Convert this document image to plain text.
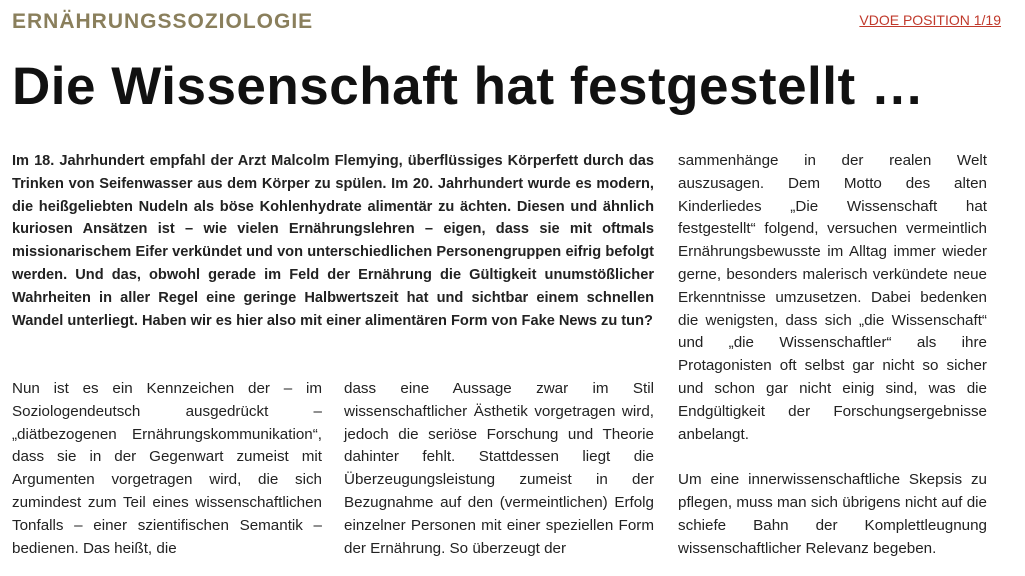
ERNÄHRUNGSSOZIOLOGIE	VDOE POSITION 1/19
Die Wissenschaft hat festgestellt …

Im 18. Jahrhundert empfahl der Arzt Malcolm Flemying, überflüssiges Körperfett durch das Trinken von Seifenwasser aus dem Körper zu spülen. Im 20. Jahrhundert wurde es modern, die heißgeliebten Nudeln als böse Kohlenhydrate alimentär zu ächten. Diesen und ähnlich kuriosen Ansätzen ist – wie vielen Ernährungslehren – eigen, dass sie mit oftmals missionarischem Eifer verkündet und von unterschiedlichen Personengruppen eifrig befolgt werden. Und das, obwohl gerade im Feld der Ernährung die Gültigkeit unumstößlicher Wahrheiten in aller Regel eine geringe Halbwertszeit hat und sichtbar einem schnellen Wandel unterliegt. Haben wir es hier also mit einer alimentären Form von Fake News zu tun?

Nun ist es ein Kennzeichen der – im Soziologendeutsch ausgedrückt – „diätbezogenen Ernährungskommunikation“, dass sie in der Gegenwart zumeist mit Argumenten vorgetragen wird, die sich zumindest zum Teil eines wissenschaftlichen Tonfalls – einer szientifischen Semantik – bedienen. Das heißt, die

dass eine Aussage zwar im Stil wissenschaftlicher Ästhetik vorgetragen wird, jedoch die seriöse Forschung und Theorie dahinter fehlt. Stattdessen liegt die Überzeugungsleistung zumeist in der Bezugnahme auf den (vermeintlichen) Erfolg einzelner Personen mit einer speziellen Form der Ernährung. So überzeugt der

sammenhänge in der realen Welt auszusagen. Dem Motto des alten Kinderliedes „Die Wissenschaft hat festgestellt“ folgend, versuchen vermeintlich Ernährungsbewusste im Alltag immer wieder gerne, besonders malerisch verkündete neue Erkenntnisse umzusetzen. Dabei bedenken die wenigsten, dass sich „die Wissenschaft“ und „die Wissenschaftler“ als ihre Protagonisten oft selbst gar nicht so sicher und schon gar nicht einig sind, was die Endgültigkeit der Forschungsergebnisse anbelangt.

Um eine innerwissenschaftliche Skepsis zu pflegen, muss man sich übrigens nicht auf die schiefe Bahn der Komplettleugnung wissenschaftlicher Relevanz begeben.
